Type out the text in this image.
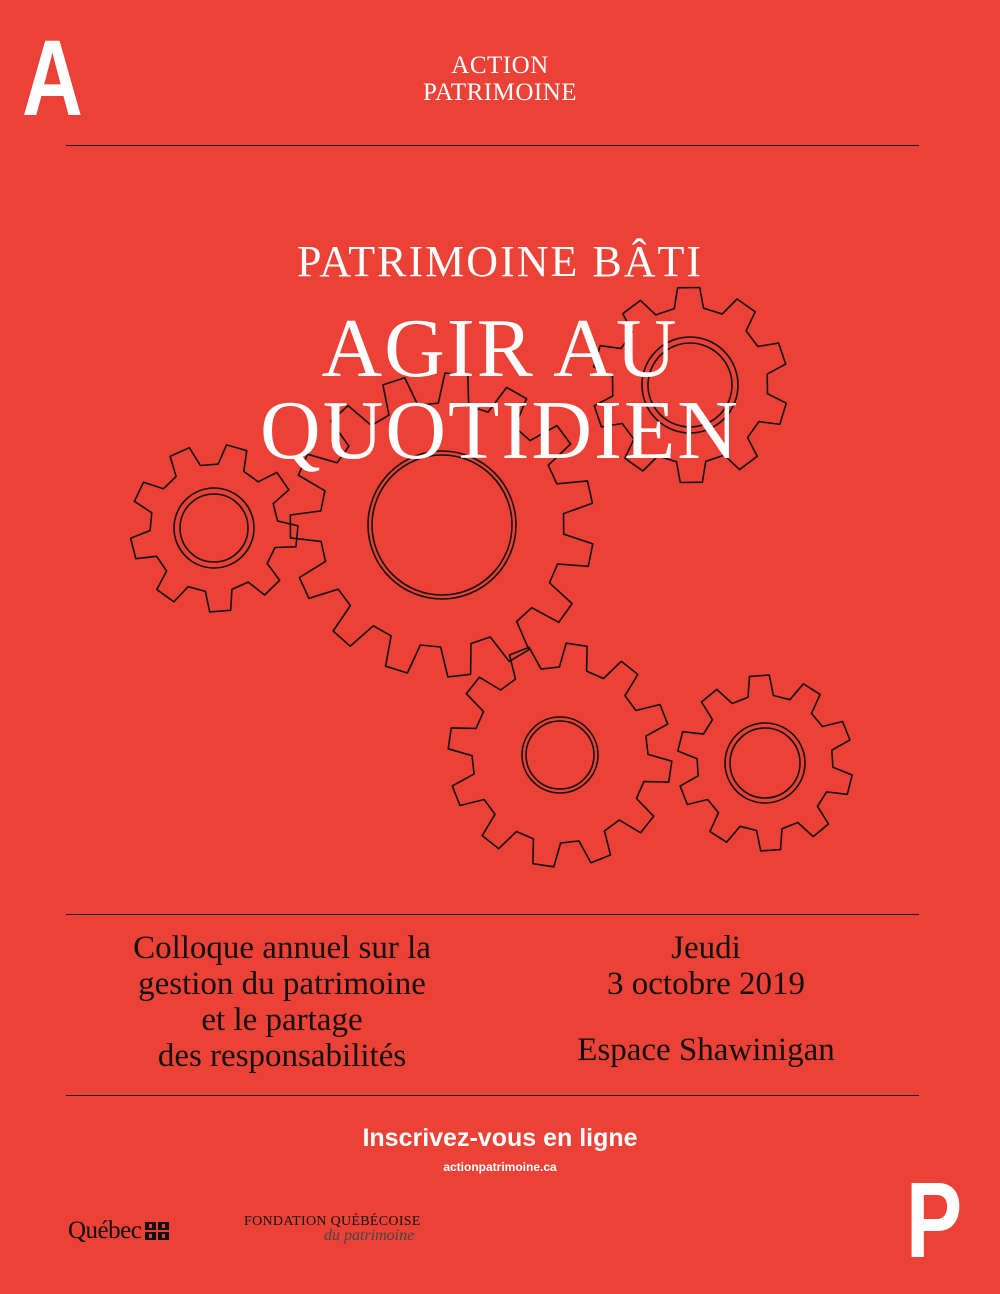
A	ACTION
PATRIMOINE
PATRIMOINE BÂTI
AGIR AU
QUOTIDIEN
Colloque annuel sur la
gestion du patrimoine
et le partage
des responsabilités
Jeudi
3 octobre 2019
Espace Shawinigan
Inscrivez-vous en ligne
actionpatrimoine.ca
Québec	FONDATION QUÉBÉCOISE
du patrimoine	P
